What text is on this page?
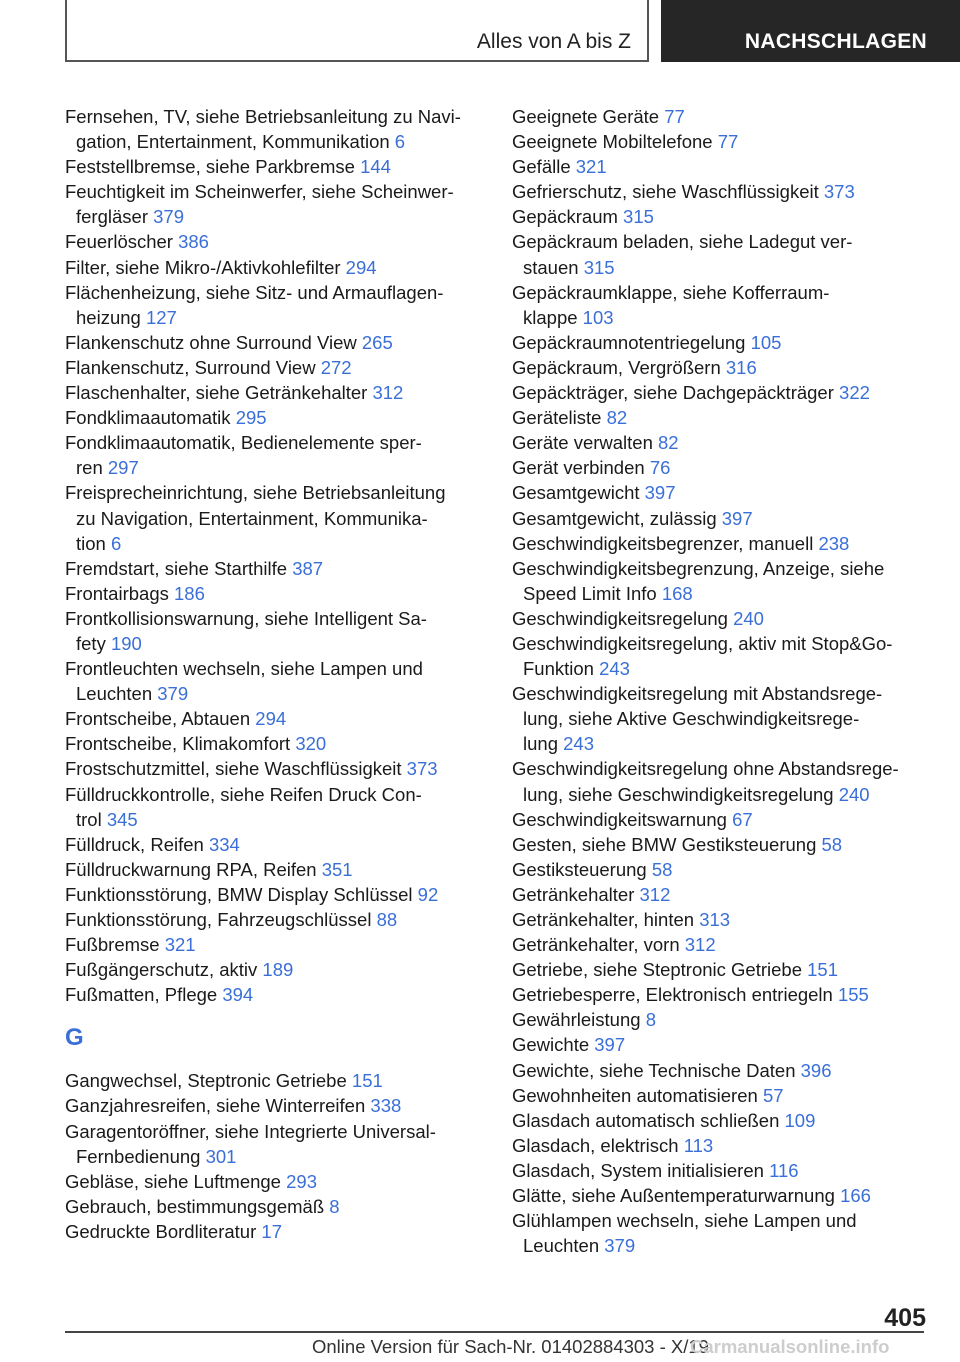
Alles von A bis Z	NACHSCHLAGEN
Fernsehen, TV, siehe Betriebsanleitung zu Navi‐
gation, Entertainment, Kommunikation 6
Feststellbremse, siehe Parkbremse 144
Feuchtigkeit im Scheinwerfer, siehe Scheinwer‐
fergläser 379
Feuerlöscher 386
Filter, siehe Mikro-/Aktivkohlefilter 294
Flächenheizung, siehe Sitz- und Armauflagen‐
heizung 127
Flankenschutz ohne Surround View 265
Flankenschutz, Surround View 272
Flaschenhalter, siehe Getränkehalter 312
Fondklimaautomatik 295
Fondklimaautomatik, Bedienelemente sper‐
ren 297
Freisprecheinrichtung, siehe Betriebsanleitung
zu Navigation, Entertainment, Kommunika‐
tion 6
Fremdstart, siehe Starthilfe 387
Frontairbags 186
Frontkollisionswarnung, siehe Intelligent Sa‐
fety 190
Frontleuchten wechseln, siehe Lampen und
Leuchten 379
Frontscheibe, Abtauen 294
Frontscheibe, Klimakomfort 320
Frostschutzmittel, siehe Waschflüssigkeit 373
Fülldruckkontrolle, siehe Reifen Druck Con‐
trol 345
Fülldruck, Reifen 334
Fülldruckwarnung RPA, Reifen 351
Funktionsstörung, BMW Display Schlüssel 92
Funktionsstörung, Fahrzeugschlüssel 88
Fußbremse 321
Fußgängerschutz, aktiv 189
Fußmatten, Pflege 394
G
Gangwechsel, Steptronic Getriebe 151
Ganzjahresreifen, siehe Winterreifen 338
Garagentoröffner, siehe Integrierte Universal‐
Fernbedienung 301
Gebläse, siehe Luftmenge 293
Gebrauch, bestimmungsgemäß 8
Gedruckte Bordliteratur 17
Geeignete Geräte 77
Geeignete Mobiltelefone 77
Gefälle 321
Gefrierschutz, siehe Waschflüssigkeit 373
Gepäckraum 315
Gepäckraum beladen, siehe Ladegut ver‐
stauen 315
Gepäckraumklappe, siehe Kofferraum‐
klappe 103
Gepäckraumnotentriegelung 105
Gepäckraum, Vergrößern 316
Gepäckträger, siehe Dachgepäckträger 322
Geräteliste 82
Geräte verwalten 82
Gerät verbinden 76
Gesamtgewicht 397
Gesamtgewicht, zulässig 397
Geschwindigkeitsbegrenzer, manuell 238
Geschwindigkeitsbegrenzung, Anzeige, siehe
Speed Limit Info 168
Geschwindigkeitsregelung 240
Geschwindigkeitsregelung, aktiv mit Stop&Go-
Funktion 243
Geschwindigkeitsregelung mit Abstandsrege‐
lung, siehe Aktive Geschwindigkeitsrege‐
lung 243
Geschwindigkeitsregelung ohne Abstandsrege‐
lung, siehe Geschwindigkeitsregelung 240
Geschwindigkeitswarnung 67
Gesten, siehe BMW Gestiksteuerung 58
Gestiksteuerung 58
Getränkehalter 312
Getränkehalter, hinten 313
Getränkehalter, vorn 312
Getriebe, siehe Steptronic Getriebe 151
Getriebesperre, Elektronisch entriegeln 155
Gewährleistung 8
Gewichte 397
Gewichte, siehe Technische Daten 396
Gewohnheiten automatisieren 57
Glasdach automatisch schließen 109
Glasdach, elektrisch 113
Glasdach, System initialisieren 116
Glätte, siehe Außentemperaturwarnung 166
Glühlampen wechseln, siehe Lampen und
Leuchten 379
405
Online Version für Sach-Nr. 01402884303 - X/19
Carmanualsonline.info
